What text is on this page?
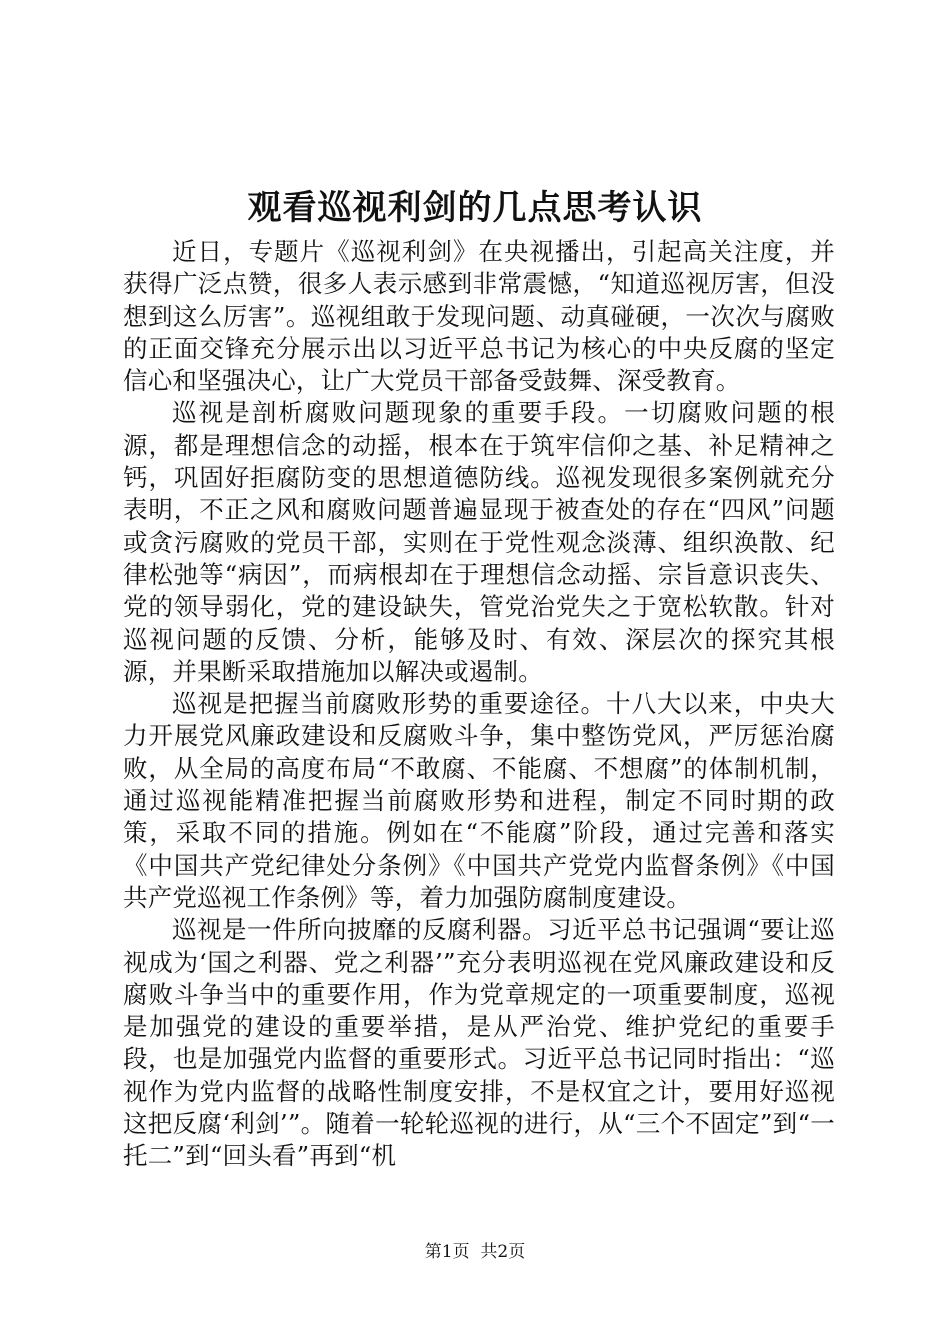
观看巡视利剑的几点思考认识

近日，专题片《巡视利剑》在央视播出，引起高关注度，并获得广泛点赞，很多人表示感到非常震憾，“知道巡视厉害，但没想到这么厉害”。巡视组敢于发现问题、动真碰硬，一次次与腐败的正面交锋充分展示出以习近平总书记为核心的中央反腐的坚定信心和坚强决心，让广大党员干部备受鼓舞、深受教育。

巡视是剖析腐败问题现象的重要手段。一切腐败问题的根源，都是理想信念的动摇，根本在于筑牢信仰之基、补足精神之钙，巩固好拒腐防变的思想道德防线。巡视发现很多案例就充分表明，不正之风和腐败问题普遍显现于被查处的存在“四风”问题或贪污腐败的党员干部，实则在于党性观念淡薄、组织涣散、纪律松弛等“病因”，而病根却在于理想信念动摇、宗旨意识丧失、党的领导弱化，党的建设缺失，管党治党失之于宽松软散。针对巡视问题的反馈、分析，能够及时、有效、深层次的探究其根源，并果断采取措施加以解决或遏制。

巡视是把握当前腐败形势的重要途径。十八大以来，中央大力开展党风廉政建设和反腐败斗争，集中整饬党风，严厉惩治腐败，从全局的高度布局“不敢腐、不能腐、不想腐”的体制机制，通过巡视能精准把握当前腐败形势和进程，制定不同时期的政策，采取不同的措施。例如在“不能腐”阶段，通过完善和落实《中国共产党纪律处分条例》《中国共产党党内监督条例》《中国共产党巡视工作条例》等，着力加强防腐制度建设。

巡视是一件所向披靡的反腐利器。习近平总书记强调“要让巡视成为‘国之利器、党之利器’”充分表明巡视在党风廉政建设和反腐败斗争当中的重要作用，作为党章规定的一项重要制度，巡视是加强党的建设的重要举措，是从严治党、维护党纪的重要手段，也是加强党内监督的重要形式。习近平总书记同时指出：“巡视作为党内监督的战略性制度安排，不是权宜之计，要用好巡视这把反腐‘利剑’”。随着一轮轮巡视的进行，从“三个不固定”到“一托二”到“回头看”再到“机

第1页 共2页
